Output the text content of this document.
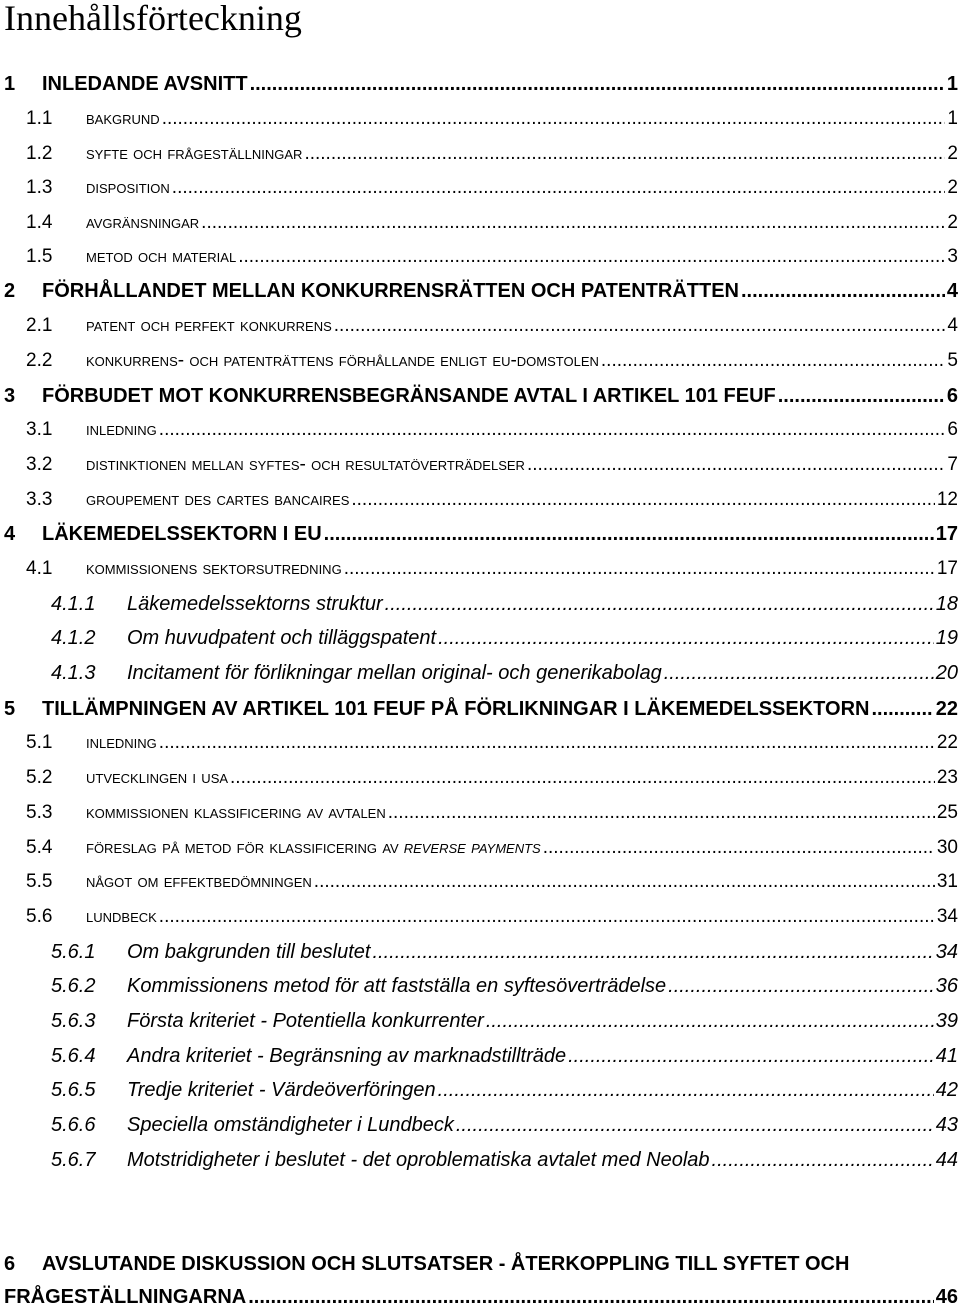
Innehållsförteckning
1 INLEDANDE AVSNITT .....	1
1.1 bakgrund .....	1
1.2 syfte och frågeställningar .....	2
1.3 disposition .....	2
1.4 avgränsningar .....	2
1.5 metod och material .....	3
2 FÖRHÅLLANDET MELLAN KONKURRENSRÄTTEN OCH PATENTRÄTTEN .....	4
2.1 patent och perfekt konkurrens .....	4
2.2 konkurrens- och patenträttens förhållande enligt eu-domstolen .....	5
3 FÖRBUDET MOT KONKURRENSBEGRÄNSANDE AVTAL I ARTIKEL 101 FEUF .....	6
3.1 inledning .....	6
3.2 distinktionen mellan syftes- och resultatöverträdelser .....	7
3.3 groupement des cartes bancaires .....	12
4 LÄKEMEDELSSEKTORN I EU .....	17
4.1 kommissionens sektorsutredning .....	17
4.1.1 Läkemedelssektorns struktur .....	18
4.1.2 Om huvudpatent och tilläggspatent .....	19
4.1.3 Incitament för förlikningar mellan original- och generikabolag .....	20
5 TILLÄMPNINGEN AV ARTIKEL 101 FEUF PÅ FÖRLIKNINGAR I LÄKEMEDELSSEKTORN .....	22
5.1 inledning .....	22
5.2 utvecklingen i usa .....	23
5.3 kommissionen klassificering av avtalen .....	25
5.4 föreslag på metod för klassificering av reverse payments .....	30
5.5 något om effektbedömningen .....	31
5.6 lundbeck .....	34
5.6.1 Om bakgrunden till beslutet .....	34
5.6.2 Kommissionens metod för att fastställa en syftesöverträdelse .....	36
5.6.3 Första kriteriet - Potentiella konkurrenter .....	39
5.6.4 Andra kriteriet - Begränsning av marknadstillträde .....	41
5.6.5 Tredje kriteriet - Värdeöverföringen .....	42
5.6.6 Speciella omständigheter i Lundbeck .....	43
5.6.7 Motstridigheter i beslutet - det oproblematiska avtalet med Neolab .....	44
6 AVSLUTANDE DISKUSSION OCH SLUTSATSER - ÅTERKOPPLING TILL SYFTET OCH
FRÅGESTÄLLNINGARNA .....	46
